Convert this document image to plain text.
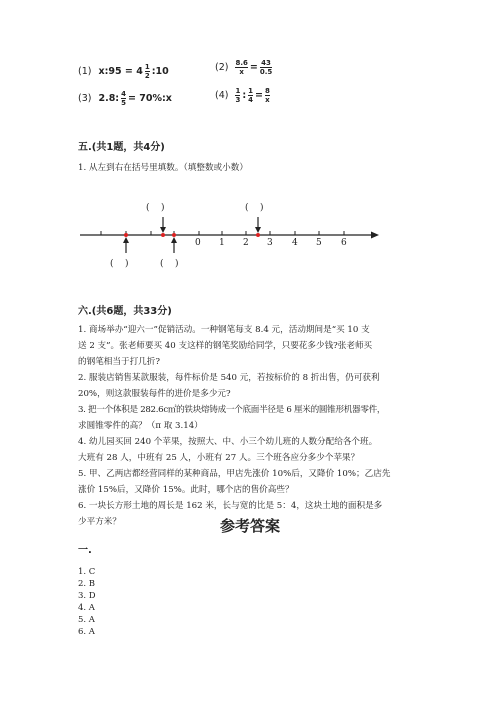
(1) x:95 = $4 \frac{1}{2}$ :10	$(2) \frac{8.6}{x} = \frac{43}{0.5}$
(3) 2.8: $\frac{4}{5}$ = 70%:x	$(4) \frac{1}{3}$ : $\frac{1}{4} = \frac{8}{x}$
五.(共1题，共4分)
1. 从左到右在括号里填数。（填整数或小数）
0 1 2 3 4 5 6
(    )	(    )
(    )	(    )
六.(共6题，共33分)
1. 商场举办“迎六一”促销活动。一种钢笔每支 8.4 元，活动期间是“买 10 支
送 2 支”。张老师要买 40 支这样的钢笔奖励给同学，只要花多少钱?张老师买
的钢笔相当于打几折?
2. 服装店销售某款服装，每件标价是 540 元，若按标价的 8 折出售，仍可获利
20%，则这款服装每件的进价是多少元?
3. 把一个体积是 282.6c㎡的铁块熔铸成一个底面半径是 6 厘米的圆锥形机器零件，
求圆锥零件的高？（π 取 3.14）
4. 幼儿园买回 240 个苹果，按照大、中、小三个幼儿班的人数分配给各个班。
大班有 28 人，中班有 25 人，小班有 27 人。三个班各应分多少个苹果？
5. 甲、乙两店都经营同样的某种商品，甲店先涨价 10%后，又降价 10%；乙店先
涨价 15%后，又降价 15%。此时，哪个店的售价高些？
6. 一块长方形土地的周长是 162 米，长与宽的比是 5：4，这块土地的面积是多
少平方米？	参考答案
一.
1. C
2. B
3. D
4. A
5. A
6. A
